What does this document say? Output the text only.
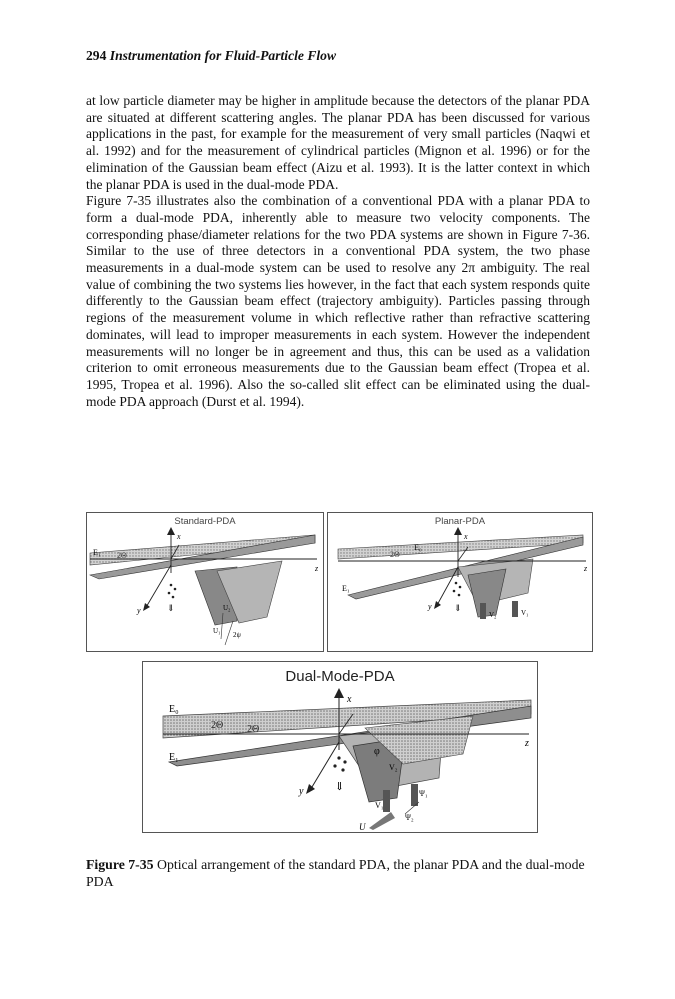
294 Instrumentation for Fluid-Particle Flow

at low particle diameter may be higher in amplitude because the detectors of the planar PDA are situated at different scattering angles. The planar PDA has been discussed for various applications in the past, for example for the measurement of very small particles (Naqwi et al. 1992) and for the measurement of cylindrical particles (Mignon et al. 1996) or for the elimination of the Gaussian beam effect (Aizu et al. 1993). It is the latter context in which the planar PDA is used in the dual-mode PDA.

Figure 7-35 illustrates also the combination of a conventional PDA with a planar PDA to form a dual-mode PDA, inherently able to measure two velocity components. The corresponding phase/diameter relations for the two PDA systems are shown in Figure 7-36. Similar to the use of three detectors in a conventional PDA system, the two phase measurements in a dual-mode system can be used to resolve any 2π ambiguity. The real value of combining the two systems lies however, in the fact that each system responds quite differently to the Gaussian beam effect (trajectory ambiguity). Particles passing through regions of the measurement volume in which reflective rather than refractive scattering dominates, will lead to improper measurements in each system. However the independent measurements will no longer be in agreement and thus, this can be used as a validation criterion to omit erroneous measurements due to the Gaussian beam effect (Tropea et al. 1995, Tropea et al. 1996). Also the so-called slit effect can be eliminated using the dual-mode PDA approach (Durst et al. 1994).

Standard-PDA
E₁ 2Θ
x
y
z
⇓	U₂
U₁ 2ψ
Planar-PDA
E₀
2Θ
E₁
x
y
z
⇓
V₂	V₁
Dual-Mode-PDA
E₀
E₁
2Θ 2Θ
x
y
z
φ
⇓
V₂
V₁
Ψ₁
Ψ₂
U
Figure 7-35 Optical arrangement of the standard PDA, the planar PDA and the dual-mode PDA
